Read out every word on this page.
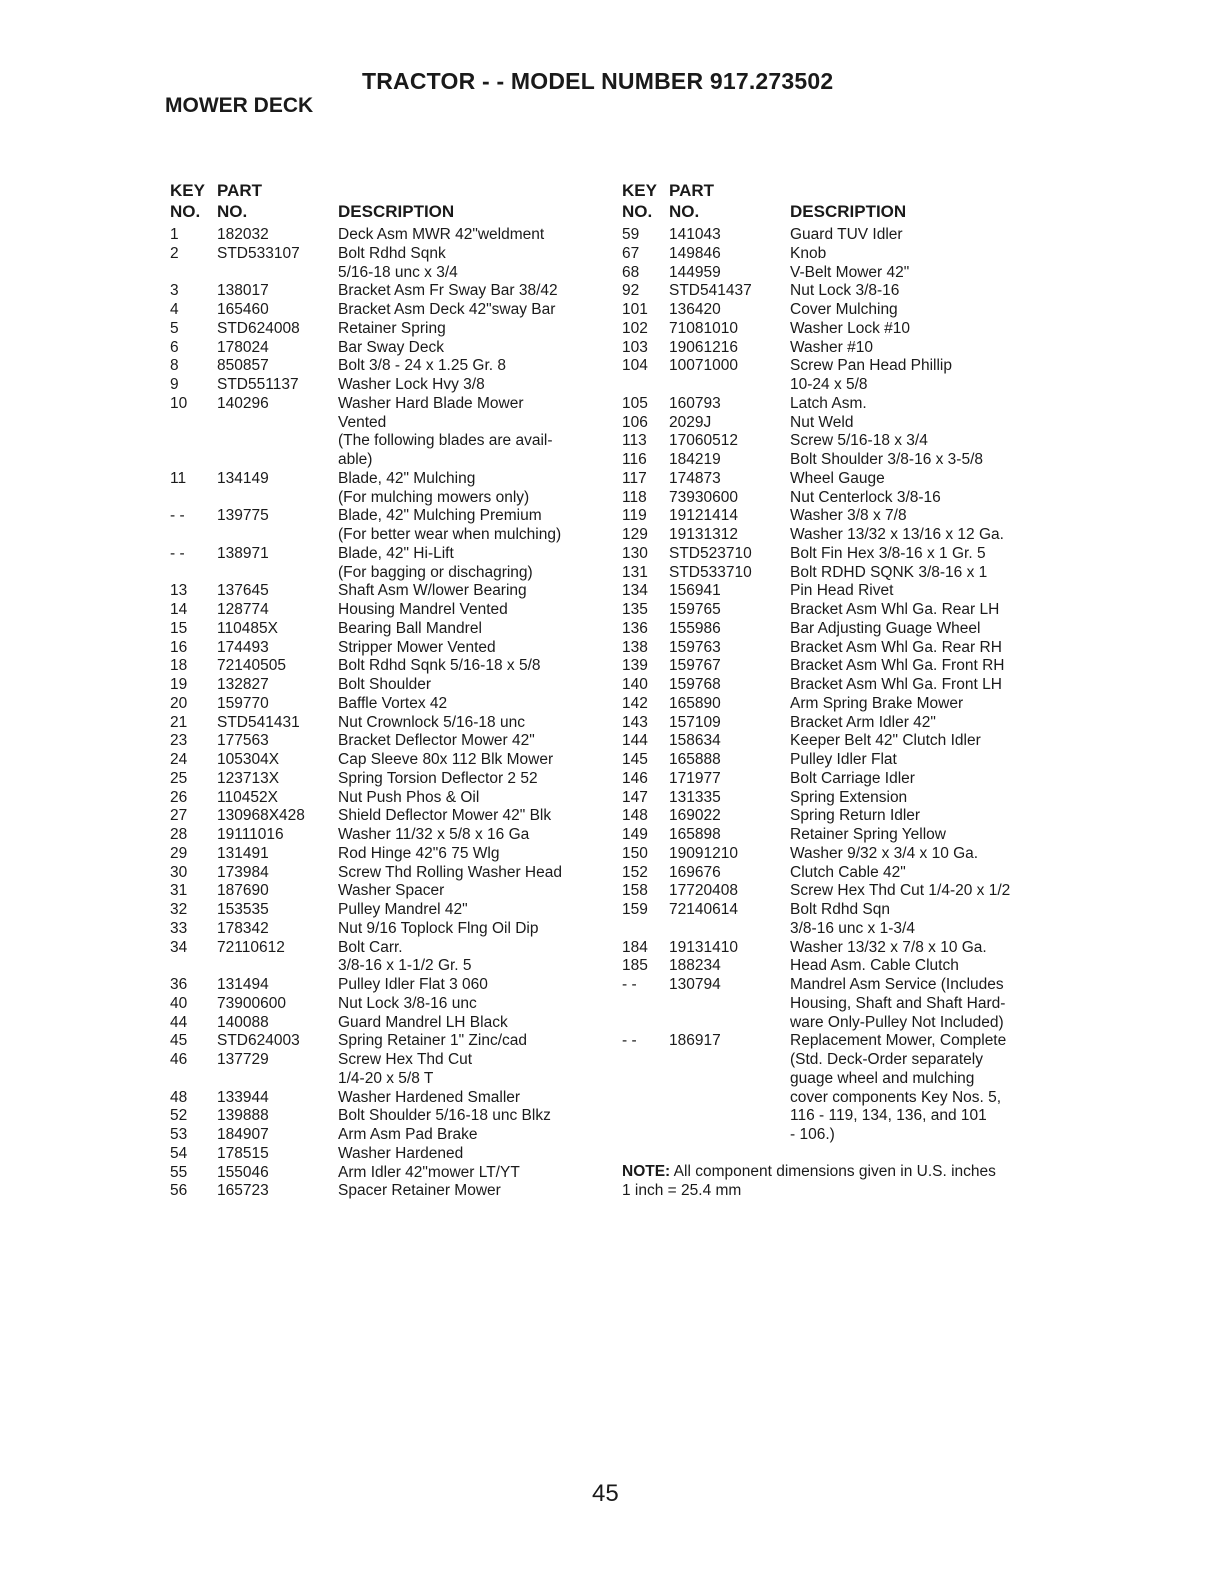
TRACTOR - - MODEL NUMBER 917.273502
MOWER DECK
KEY
NO.
PART
NO.	DESCRIPTION
1 182032	Deck Asm MWR 42"weldment
2 STD533107 Bolt Rdhd Sqnk
5/16-18 unc x 3/4
3 138017	Bracket Asm Fr Sway Bar 38/42
4 165460	Bracket Asm Deck 42"sway Bar
5 STD624008 Retainer Spring
6 178024	Bar Sway Deck
8 850857	Bolt 3/8 - 24 x 1.25 Gr. 8
9 STD551137	Washer Lock Hvy 3/8
10 140296	Washer Hard Blade Mower
Vented
(The following blades are avail-
able)
11 134149	Blade, 42" Mulching
(For mulching mowers only)
- - 139775	Blade, 42" Mulching Premium
(For better wear when mulching)
- - 138971	Blade, 42" Hi-Lift
(For bagging or dischagring)
13 137645	Shaft Asm W/lower Bearing
14 128774	Housing Mandrel Vented
15 110485X	Bearing Ball Mandrel
16 174493	Stripper Mower Vented
18 72140505	Bolt Rdhd Sqnk 5/16-18 x 5/8
19 132827	Bolt Shoulder
20 159770	Baffle Vortex 42
21 STD541431 Nut Crownlock 5/16-18 unc
23 177563	Bracket Deflector Mower 42"
24 105304X	Cap Sleeve 80x 112 Blk Mower
25 123713X	Spring Torsion Deflector 2 52
26 110452X	Nut Push Phos & Oil
27 130968X428 Shield Deflector Mower 42" Blk
28 19111016	Washer 11/32 x 5/8 x 16 Ga
29 131491	Rod Hinge 42"6 75 Wlg
30 173984	Screw Thd Rolling Washer Head
31 187690	Washer Spacer
32 153535	Pulley Mandrel 42"
33 178342	Nut 9/16 Toplock Flng Oil Dip
34 72110612	Bolt Carr.
3/8-16 x 1-1/2 Gr. 5
36 131494	Pulley Idler Flat 3 060
40 73900600	Nut Lock 3/8-16 unc
44 140088	Guard Mandrel LH Black
45 STD624003 Spring Retainer 1" Zinc/cad
46 137729	Screw Hex Thd Cut
1/4-20 x 5/8 T
48 133944	Washer Hardened Smaller
52 139888	Bolt Shoulder 5/16-18 unc Blkz
53 184907	Arm Asm Pad Brake
54 178515	Washer Hardened
55 155046	Arm Idler 42"mower LT/YT
56 165723	Spacer Retainer Mower
KEY
NO.
PART
NO.	DESCRIPTION
59 141043	Guard TUV Idler
67 149846	Knob
68 144959	V-Belt Mower 42"
92 STD541437 Nut Lock 3/8-16
101 136420	Cover Mulching
102 71081010	Washer Lock #10
103 19061216	Washer #10
104 10071000	Screw Pan Head Phillip
10-24 x 5/8
105 160793	Latch Asm.
106 2029J	Nut Weld
113 17060512	Screw 5/16-18 x 3/4
116 184219	Bolt Shoulder 3/8-16 x 3-5/8
117 174873	Wheel Gauge
118 73930600	Nut Centerlock 3/8-16
119 19121414	Washer 3/8 x 7/8
129 19131312	Washer 13/32 x 13/16 x 12 Ga.
130 STD523710 Bolt Fin Hex 3/8-16 x 1 Gr. 5
131 STD533710 Bolt RDHD SQNK 3/8-16 x 1
134 156941	Pin Head Rivet
135 159765	Bracket Asm Whl Ga. Rear LH
136 155986	Bar Adjusting Guage Wheel
138 159763	Bracket Asm Whl Ga. Rear RH
139 159767	Bracket Asm Whl Ga. Front RH
140 159768	Bracket Asm Whl Ga. Front LH
142 165890	Arm Spring Brake Mower
143 157109	Bracket Arm Idler 42"
144 158634	Keeper Belt 42" Clutch Idler
145 165888	Pulley Idler Flat
146 171977	Bolt Carriage Idler
147 131335	Spring Extension
148 169022	Spring Return Idler
149 165898	Retainer Spring Yellow
150 19091210	Washer 9/32 x 3/4 x 10 Ga.
152 169676	Clutch Cable 42"
158 17720408	Screw Hex Thd Cut 1/4-20 x 1/2
159 72140614	Bolt Rdhd Sqn
3/8-16 unc x 1-3/4
184 19131410	Washer 13/32 x 7/8 x 10 Ga.
185 188234	Head Asm. Cable Clutch
- - 130794	Mandrel Asm Service (Includes
Housing, Shaft and Shaft Hard-
ware Only-Pulley Not Included)
- - 186917	Replacement Mower, Complete
(Std. Deck-Order separately
guage wheel and mulching
cover components Key Nos. 5,
116 - 119, 134, 136, and 101
- 106.)
NOTE: All component dimensions given in U.S. inches
1 inch = 25.4 mm
45
